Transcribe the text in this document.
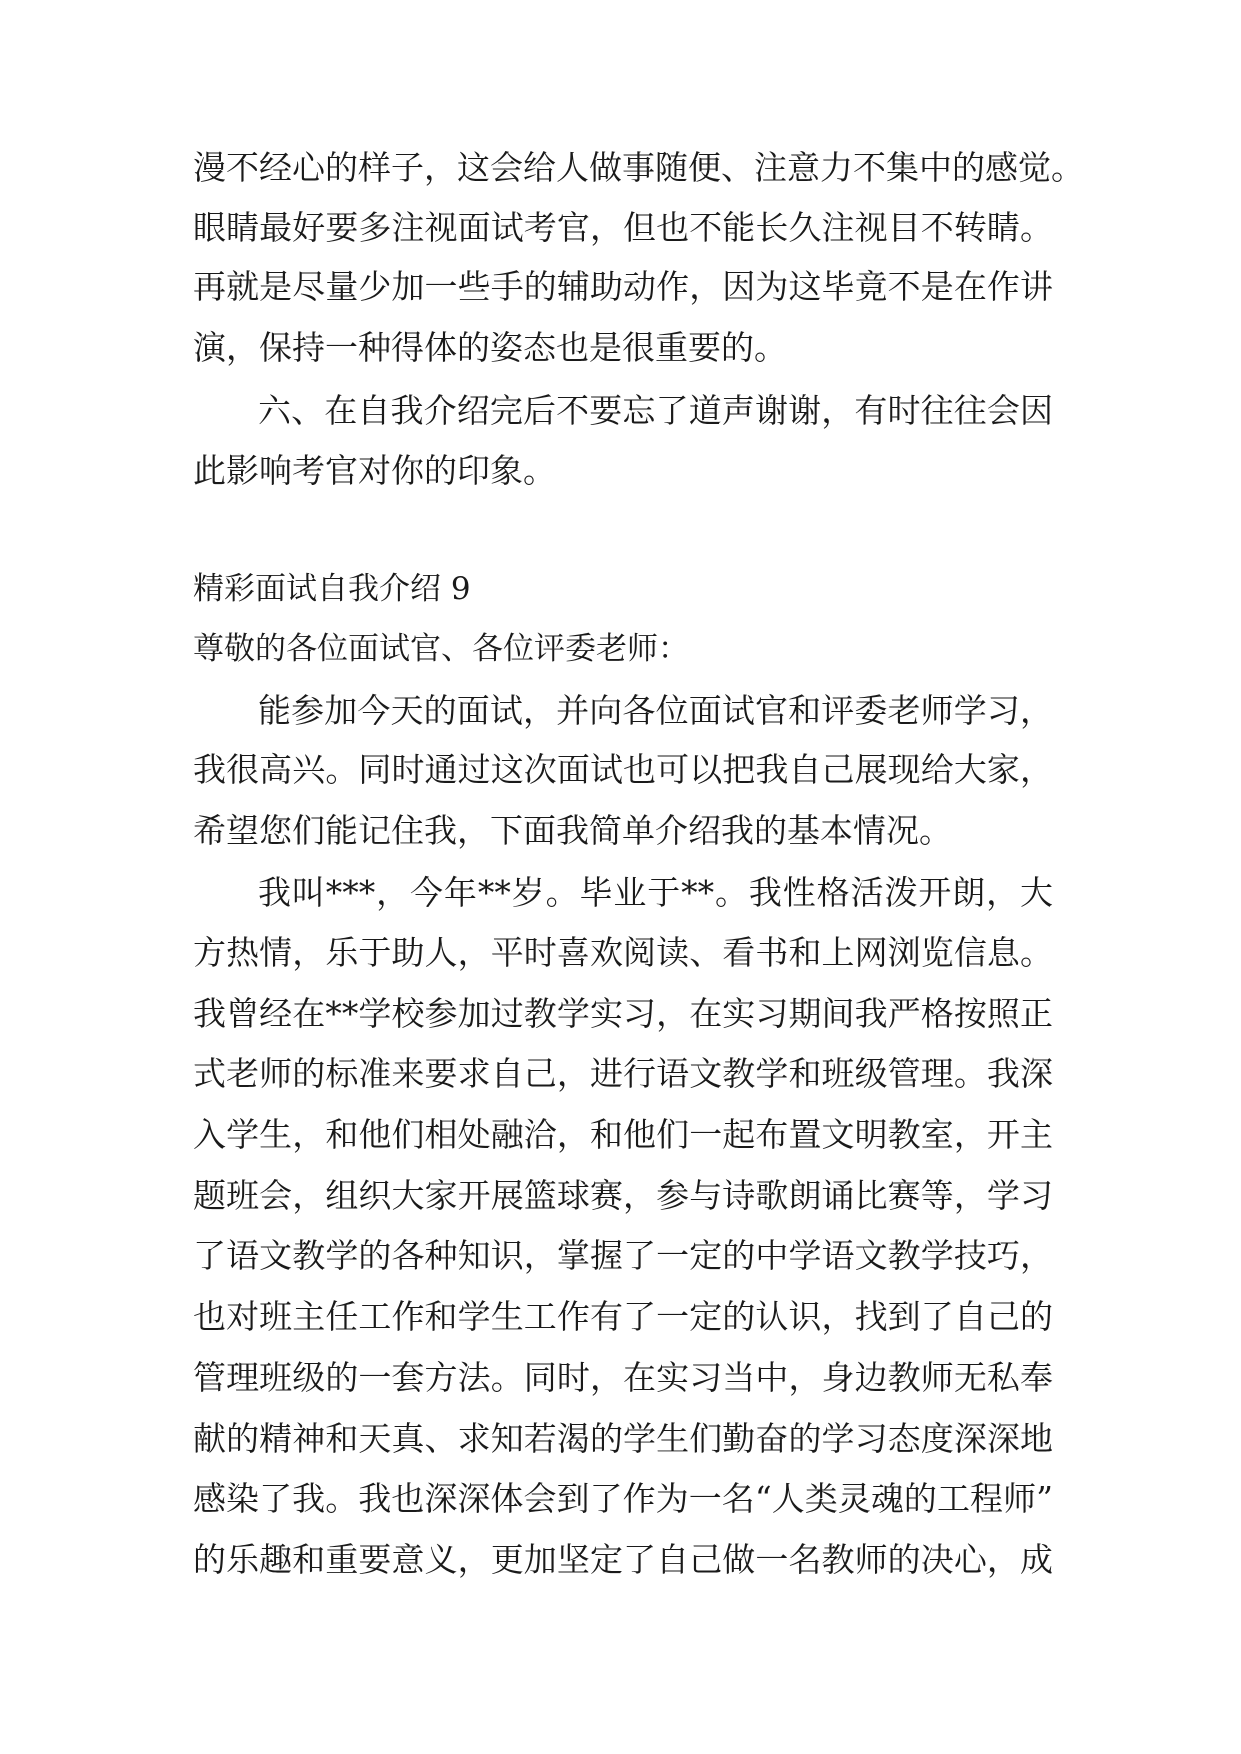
漫不经心的样子，这会给人做事随便、注意力不集中的感觉。
眼睛最好要多注视面试考官，但也不能长久注视目不转睛。
再就是尽量少加一些手的辅助动作，因为这毕竟不是在作讲
演，保持一种得体的姿态也是很重要的。
六、在自我介绍完后不要忘了道声谢谢，有时往往会因
此影响考官对你的印象。
精彩面试自我介绍 9
尊敬的各位面试官、各位评委老师：
能参加今天的面试，并向各位面试官和评委老师学习，
我很高兴。同时通过这次面试也可以把我自己展现给大家，
希望您们能记住我，下面我简单介绍我的基本情况。
我叫***，今年**岁。毕业于**。我性格活泼开朗，大
方热情，乐于助人，平时喜欢阅读、看书和上网浏览信息。
我曾经在**学校参加过教学实习，在实习期间我严格按照正
式老师的标准来要求自己，进行语文教学和班级管理。我深
入学生，和他们相处融洽，和他们一起布置文明教室，开主
题班会，组织大家开展篮球赛，参与诗歌朗诵比赛等，学习
了语文教学的各种知识，掌握了一定的中学语文教学技巧，
也对班主任工作和学生工作有了一定的认识，找到了自己的
管理班级的一套方法。同时，在实习当中，身边教师无私奉
献的精神和天真、求知若渴的学生们勤奋的学习态度深深地
感染了我。我也深深体会到了作为一名“人类灵魂的工程师”
的乐趣和重要意义，更加坚定了自己做一名教师的决心，成
